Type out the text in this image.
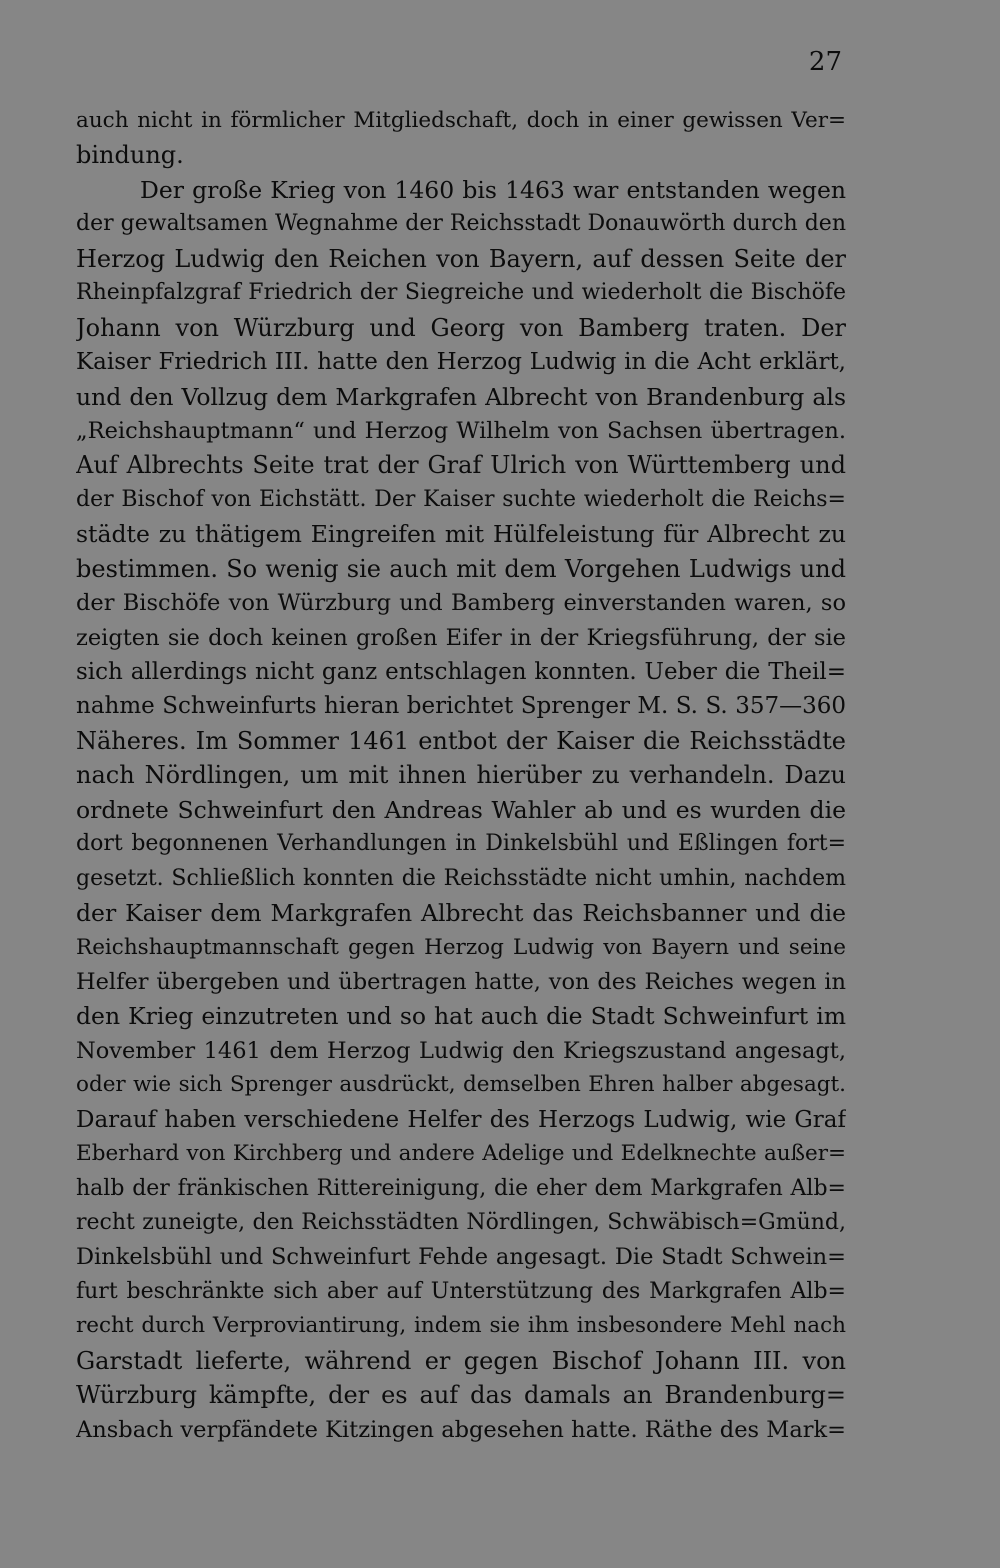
27
auch nicht in förmlicher Mitgliedschaft, doch in einer gewissen Ver=
bindung.
Der große Krieg von 1460 bis 1463 war entstanden wegen
der gewaltsamen Wegnahme der Reichsstadt Donauwörth durch den
Herzog Ludwig den Reichen von Bayern, auf dessen Seite der
Rheinpfalzgraf Friedrich der Siegreiche und wiederholt die Bischöfe
Johann von Würzburg und Georg von Bamberg traten. Der
Kaiser Friedrich III. hatte den Herzog Ludwig in die Acht erklärt,
und den Vollzug dem Markgrafen Albrecht von Brandenburg als
„Reichshauptmann“ und Herzog Wilhelm von Sachsen übertragen.
Auf Albrechts Seite trat der Graf Ulrich von Württemberg und
der Bischof von Eichstätt. Der Kaiser suchte wiederholt die Reichs=
städte zu thätigem Eingreifen mit Hülfeleistung für Albrecht zu
bestimmen. So wenig sie auch mit dem Vorgehen Ludwigs und
der Bischöfe von Würzburg und Bamberg einverstanden waren, so
zeigten sie doch keinen großen Eifer in der Kriegsführung, der sie
sich allerdings nicht ganz entschlagen konnten. Ueber die Theil=
nahme Schweinfurts hieran berichtet Sprenger M. S. S. 357—360
Näheres. Im Sommer 1461 entbot der Kaiser die Reichsstädte
nach Nördlingen, um mit ihnen hierüber zu verhandeln. Dazu
ordnete Schweinfurt den Andreas Wahler ab und es wurden die
dort begonnenen Verhandlungen in Dinkelsbühl und Eßlingen fort=
gesetzt. Schließlich konnten die Reichsstädte nicht umhin, nachdem
der Kaiser dem Markgrafen Albrecht das Reichsbanner und die
Reichshauptmannschaft gegen Herzog Ludwig von Bayern und seine
Helfer übergeben und übertragen hatte, von des Reiches wegen in
den Krieg einzutreten und so hat auch die Stadt Schweinfurt im
November 1461 dem Herzog Ludwig den Kriegszustand angesagt,
oder wie sich Sprenger ausdrückt, demselben Ehren halber abgesagt.
Darauf haben verschiedene Helfer des Herzogs Ludwig, wie Graf
Eberhard von Kirchberg und andere Adelige und Edelknechte außer=
halb der fränkischen Rittereinigung, die eher dem Markgrafen Alb=
recht zuneigte, den Reichsstädten Nördlingen, Schwäbisch=Gmünd,
Dinkelsbühl und Schweinfurt Fehde angesagt. Die Stadt Schwein=
furt beschränkte sich aber auf Unterstützung des Markgrafen Alb=
recht durch Verproviantirung, indem sie ihm insbesondere Mehl nach
Garstadt lieferte, während er gegen Bischof Johann III. von
Würzburg kämpfte, der es auf das damals an Brandenburg=
Ansbach verpfändete Kitzingen abgesehen hatte. Räthe des Mark=
